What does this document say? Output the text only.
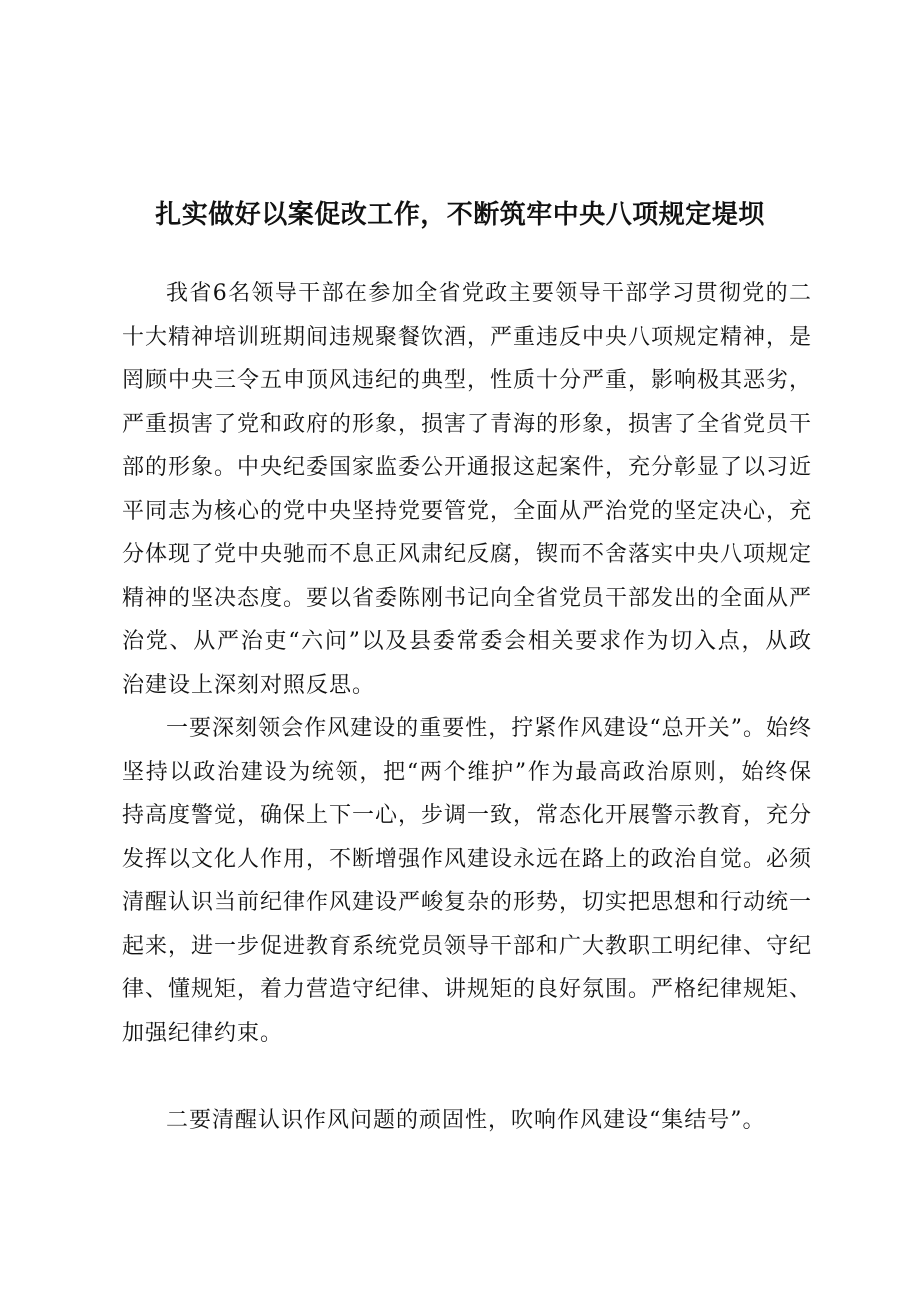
扎实做好以案促改工作，不断筑牢中央八项规定堤坝

我省6名领导干部在参加全省党政主要领导干部学习贯彻党的二十大精神培训班期间违规聚餐饮酒，严重违反中央八项规定精神，是罔顾中央三令五申顶风违纪的典型，性质十分严重，影响极其恶劣，严重损害了党和政府的形象，损害了青海的形象，损害了全省党员干部的形象。中央纪委国家监委公开通报这起案件，充分彰显了以习近平同志为核心的党中央坚持党要管党，全面从严治党的坚定决心，充分体现了党中央驰而不息正风肃纪反腐，锲而不舍落实中央八项规定精神的坚决态度。要以省委陈刚书记向全省党员干部发出的全面从严治党、从严治吏“六问”以及县委常委会相关要求作为切入点，从政治建设上深刻对照反思。

一要深刻领会作风建设的重要性，拧紧作风建设“总开关”。始终坚持以政治建设为统领，把“两个维护”作为最高政治原则，始终保持高度警觉，确保上下一心，步调一致，常态化开展警示教育，充分发挥以文化人作用，不断增强作风建设永远在路上的政治自觉。必须清醒认识当前纪律作风建设严峻复杂的形势，切实把思想和行动统一起来，进一步促进教育系统党员领导干部和广大教职工明纪律、守纪律、懂规矩，着力营造守纪律、讲规矩的良好氛围。严格纪律规矩、加强纪律约束。

二要清醒认识作风问题的顽固性，吹响作风建设“集结号”。
